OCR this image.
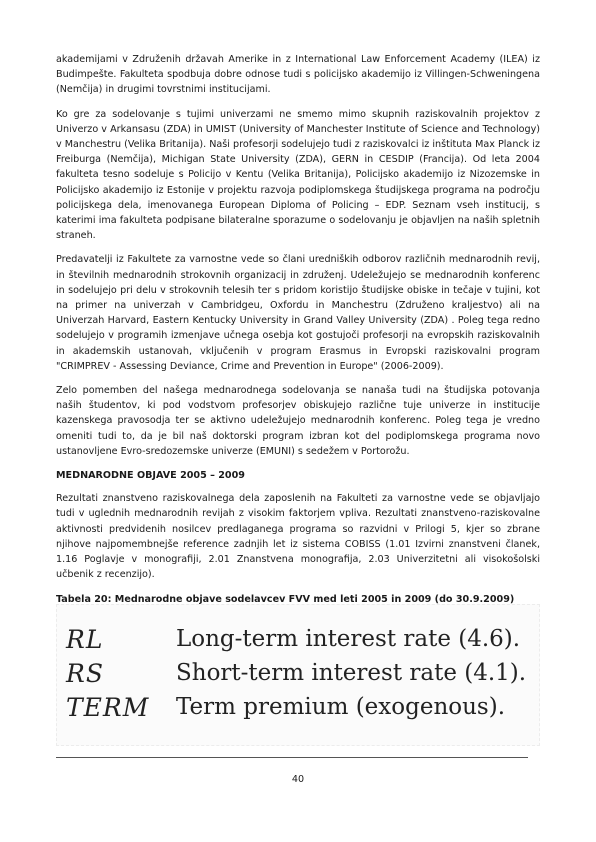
akademijami v Združenih državah Amerike in z International Law Enforcement Academy (ILEA) iz Budimpešte. Fakulteta spodbuja dobre odnose tudi s policijsko akademijo iz Villingen-Schweningena (Nemčija) in drugimi tovrstnimi institucijami.

Ko gre za sodelovanje s tujimi univerzami ne smemo mimo skupnih raziskovalnih projektov z Univerzo v Arkansasu (ZDA) in UMIST (University of Manchester Institute of Science and Technology) v Manchestru (Velika Britanija). Naši profesorji sodelujejo tudi z raziskovalci iz inštituta Max Planck iz Freiburga (Nemčija), Michigan State University (ZDA), GERN in CESDIP (Francija). Od leta 2004 fakulteta tesno sodeluje s Policijo v Kentu (Velika Britanija), Policijsko akademijo iz Nizozemske in Policijsko akademijo iz Estonije v projektu razvoja podiplomskega študijskega programa na področju policijskega dela, imenovanega European Diploma of Policing – EDP. Seznam vseh institucij, s katerimi ima fakulteta podpisane bilateralne sporazume o sodelovanju je objavljen na naših spletnih straneh.

Predavatelji iz Fakultete za varnostne vede so člani uredniških odborov različnih mednarodnih revij, in številnih mednarodnih strokovnih organizacij in združenj. Udeležujejo se mednarodnih konferenc in sodelujejo pri delu v strokovnih telesih ter s pridom koristijo študijske obiske in tečaje v tujini, kot na primer na univerzah v Cambridgeu, Oxfordu in Manchestru (Združeno kraljestvo) ali na Univerzah Harvard, Eastern Kentucky University in Grand Valley University (ZDA) . Poleg tega redno sodelujejo v programih izmenjave učnega osebja kot gostujoči profesorji na evropskih raziskovalnih in akademskih ustanovah, vključenih v program Erasmus in Evropski raziskovalni program "CRIMPREV - Assessing Deviance, Crime and Prevention in Europe" (2006-2009).

Zelo pomemben del našega mednarodnega sodelovanja se nanaša tudi na študijska potovanja naših študentov, ki pod vodstvom profesorjev obiskujejo različne tuje univerze in institucije kazenskega pravosodja ter se aktivno udeležujejo mednarodnih konferenc. Poleg tega je vredno omeniti tudi to, da je bil naš doktorski program izbran kot del podiplomskega programa novo ustanovljene Evro-sredozemske univerze (EMUNI) s sedežem v Portorožu.

MEDNARODNE OBJAVE 2005 – 2009

Rezultati znanstveno raziskovalnega dela zaposlenih na Fakulteti za varnostne vede se objavljajo tudi v uglednih mednarodnih revijah z visokim faktorjem vpliva. Rezultati znanstveno-raziskovalne aktivnosti predvidenih nosilcev predlaganega programa so razvidni v Prilogi 5, kjer so zbrane njihove najpomembnejše reference zadnjih let iz sistema COBISS (1.01 Izvirni znanstveni članek, 1.16 Poglavje v monografiji, 2.01 Znanstvena monografija, 2.03 Univerzitetni ali visokošolski učbenik z recenzijo).

Tabela 20: Mednarodne objave sodelavcev FVV med leti 2005 in 2009 (do 30.9.2009)
RL	Long-term interest rate (4.6).
RS	Short-term interest rate (4.1).
TERM	Term premium (exogenous).
40
